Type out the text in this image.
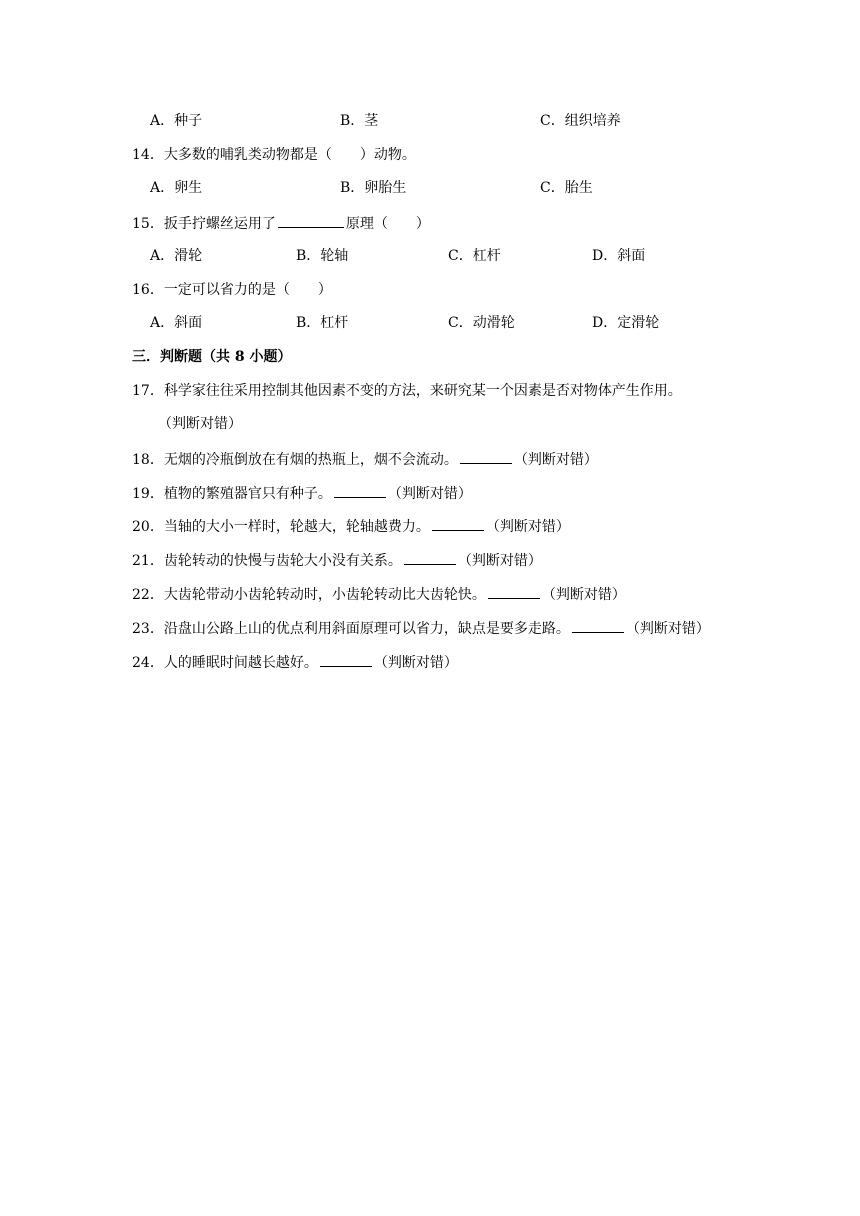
A．种子	B．茎	C．组织培养
14．大多数的哺乳类动物都是（　　）动物。
A．卵生	B．卵胎生	C．胎生
15．扳手拧螺丝运用了	原理（　　）
A．滑轮	B．轮轴	C．杠杆	D．斜面
16．一定可以省力的是（　　）
A．斜面	B．杠杆	C．动滑轮	D．定滑轮
三．判断题（共 8 小题）
17．科学家往往采用控制其他因素不变的方法，来研究某一个因素是否对物体产生作用。
（判断对错）
18．无烟的冷瓶倒放在有烟的热瓶上，烟不会流动。	（判断对错）
19．植物的繁殖器官只有种子。	（判断对错）
20．当轴的大小一样时，轮越大，轮轴越费力。	（判断对错）
21．齿轮转动的快慢与齿轮大小没有关系。	（判断对错）
22．大齿轮带动小齿轮转动时，小齿轮转动比大齿轮快。	（判断对错）
23．沿盘山公路上山的优点利用斜面原理可以省力，缺点是要多走路。	（判断对错）
24．人的睡眠时间越长越好。	（判断对错）
